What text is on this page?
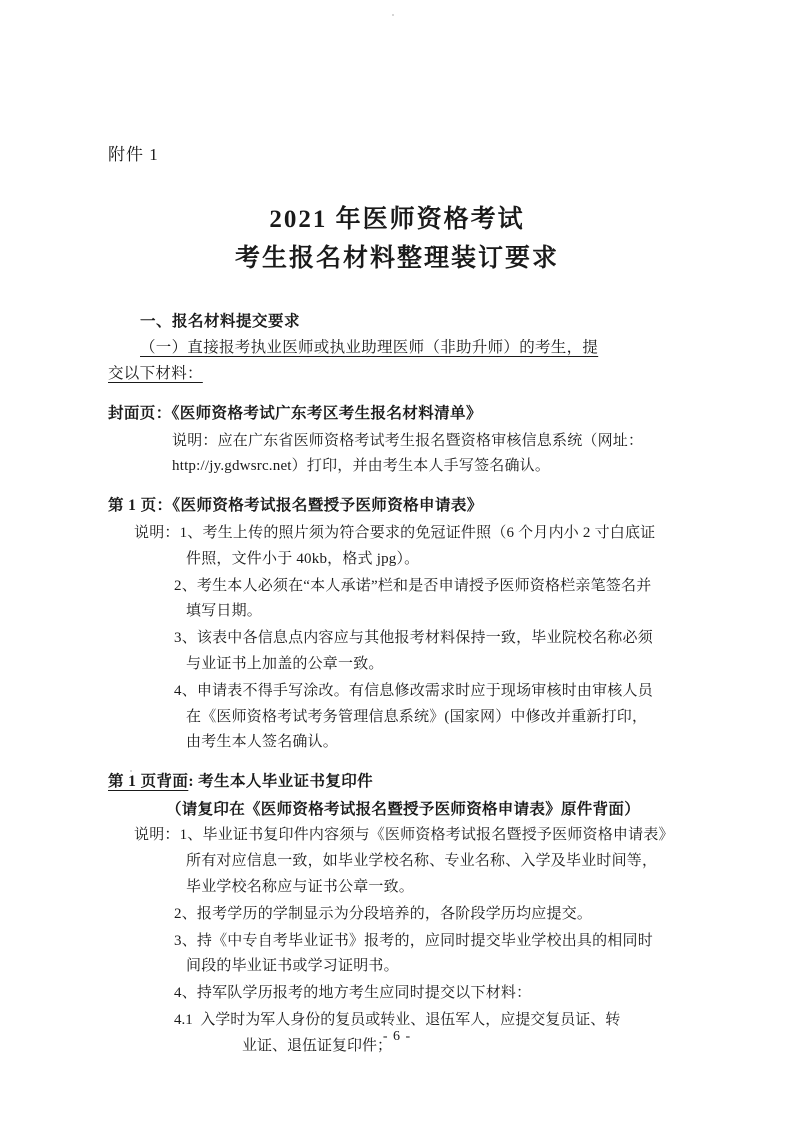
附件 1
2021 年医师资格考试
考生报名材料整理装订要求
一、报名材料提交要求

（一）直接报考执业医师或执业助理医师（非助升师）的考生，提

交以下材料：

封面页：《医师资格考试广东考区考生报名材料清单》
说明：应在广东省医师资格考试考生报名暨资格审核信息系统（网址：
http://jy.gdwsrc.net）打印，并由考生本人手写签名确认。
第 1 页：《医师资格考试报名暨授予医师资格申请表》
说明：1、考生上传的照片须为符合要求的免冠证件照（6 个月内小 2 寸白底证
件照，文件小于 40kb，格式 jpg）。
2、考生本人必须在“本人承诺”栏和是否申请授予医师资格栏亲笔签名并
填写日期。
3、该表中各信息点内容应与其他报考材料保持一致，毕业院校名称必须
与业证书上加盖的公章一致。
4、申请表不得手写涂改。有信息修改需求时应于现场审核时由审核人员
在《医师资格考试考务管理信息系统》(国家网）中修改并重新打印，
由考生本人签名确认。
第 1 页背面: 考生本人毕业证书复印件
（请复印在《医师资格考试报名暨授予医师资格申请表》原件背面）
说明：1、毕业证书复印件内容须与《医师资格考试报名暨授予医师资格申请表》
所有对应信息一致，如毕业学校名称、专业名称、入学及毕业时间等，
毕业学校名称应与证书公章一致。
2、报考学历的学制显示为分段培养的，各阶段学历均应提交。
3、持《中专自考毕业证书》报考的，应同时提交毕业学校出具的相同时
间段的毕业证书或学习证明书。
4、持军队学历报考的地方考生应同时提交以下材料：
4.1 入学时为军人身份的复员或转业、退伍军人，应提交复员证、转
业证、退伍证复印件；
- 6 -
